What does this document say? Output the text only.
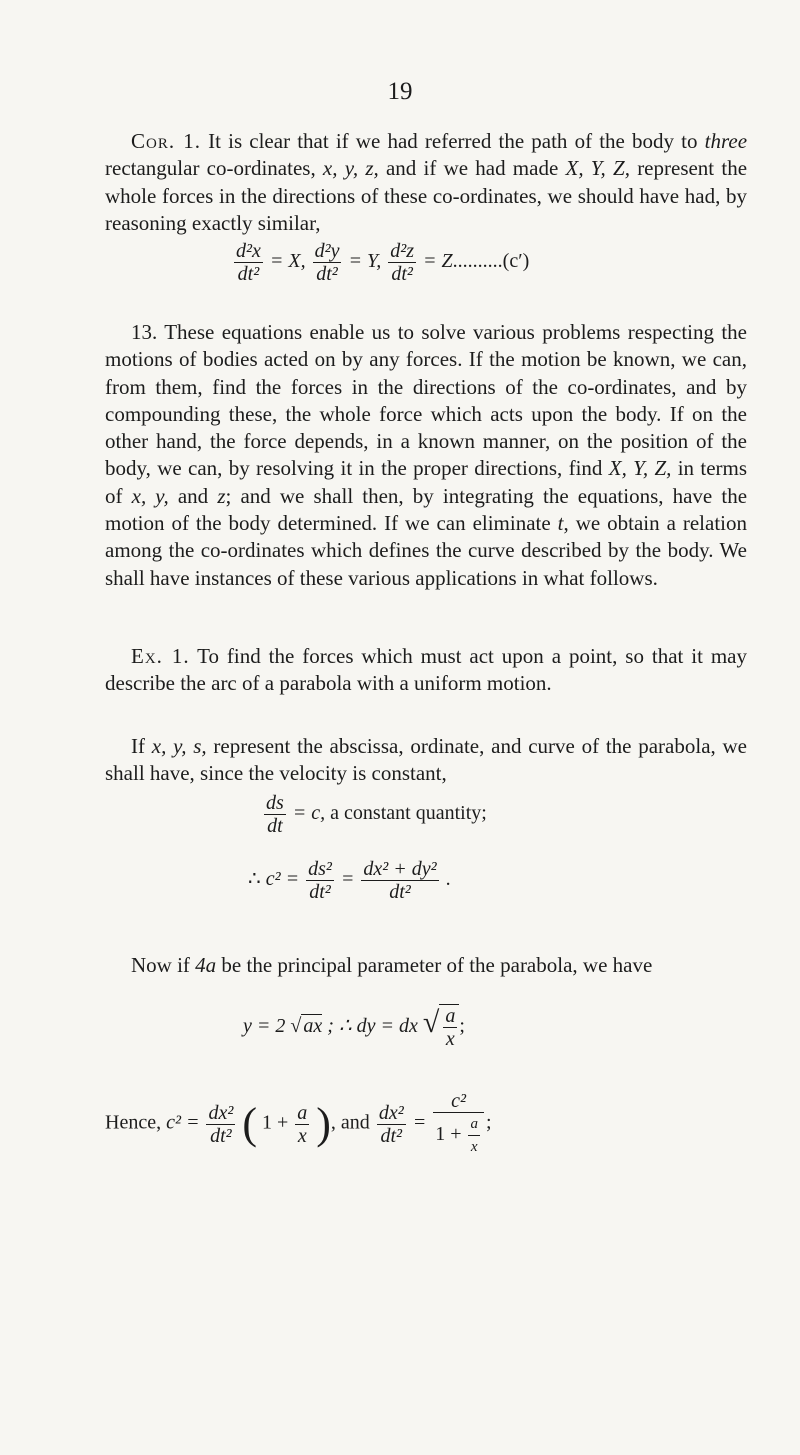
19

Cor. 1. It is clear that if we had referred the path of the body to three rectangular co-ordinates, x, y, z, and if we had made X, Y, Z, represent the whole forces in the directions of these co-ordinates, we should have had, by reasoning exactly similar,

$\frac{\text{d²x}}{\text{dt²}} = X$, $\frac{\text{d²y}}{\text{dt²}} = Y$, $\frac{\text{d²z}}{\text{dt²}} = Z..........(c')$

13. These equations enable us to solve various problems respecting the motions of bodies acted on by any forces. If the motion be known, we can, from them, find the forces in the directions of the co-ordinates, and by compounding these, the whole force which acts upon the body. If on the other hand, the force depends, in a known manner, on the position of the body, we can, by resolving it in the proper directions, find X, Y, Z, in terms of x, y, and z; and we shall then, by integrating the equations, have the motion of the body determined. If we can eliminate t, we obtain a relation among the co-ordinates which defines the curve described by the body. We shall have instances of these various applications in what follows.

Ex. 1. To find the forces which must act upon a point, so that it may describe the arc of a parabola with a uniform motion.

If x, y, s, represent the abscissa, ordinate, and curve of the parabola, we shall have, since the velocity is constant,

$\frac{ds}{dt} = c$, a constant quantity;
∴ $c^2 = \frac{\text{ds²}}{\text{dt²}} = \frac{\text{dx² + dy²}}{\text{dt²}}$ .

Now if 4a be the principal parameter of the parabola, we have

y = 2 √ ax ; ∴ dy = dx √ $\frac{a}{x}$ ;
Hence, $c^2 = \frac{\text{dx²}}{\text{dt²}}$ ( $1 + \frac{a}{x}$ ), and $\frac{\text{dx²}}{\text{dt²}} = \frac{\text{c²}}{1 + \frac{a}{x}}$ ;
